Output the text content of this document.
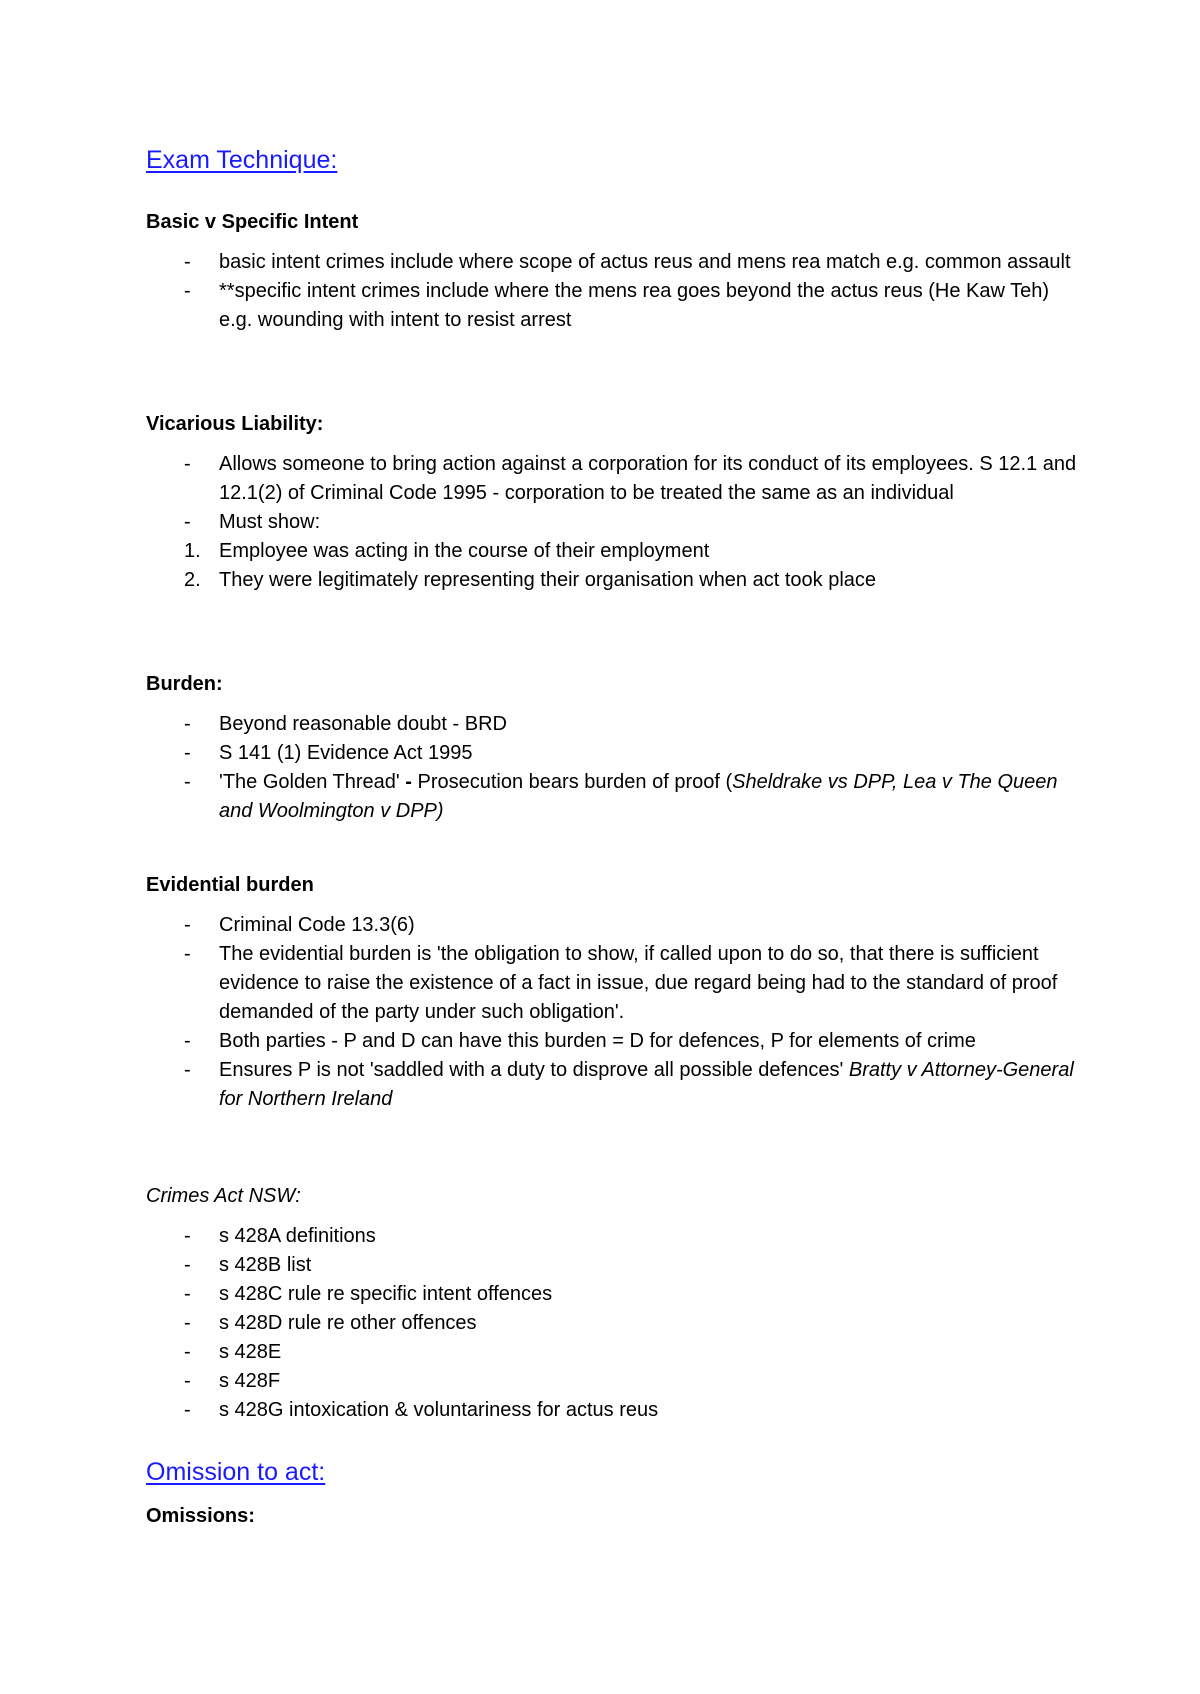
Exam Technique:
Basic v Specific Intent
-	basic intent crimes include where scope of actus reus and mens rea match e.g. common assault
-	**specific intent crimes include where the mens rea goes beyond the actus reus (He Kaw Teh) e.g. wounding with intent to resist arrest
Vicarious Liability:
-	Allows someone to bring action against a corporation for its conduct of its employees. S 12.1 and 12.1(2) of Criminal Code 1995 - corporation to be treated the same as an individual
-	Must show:
1. Employee was acting in the course of their employment
2. They were legitimately representing their organisation when act took place
Burden:
-	Beyond reasonable doubt - BRD
-	S 141 (1) Evidence Act 1995
-	'The Golden Thread' - Prosecution bears burden of proof (Sheldrake vs DPP, Lea v The Queen and Woolmington v DPP)
Evidential burden
-	Criminal Code 13.3(6)
-	The evidential burden is 'the obligation to show, if called upon to do so, that there is sufficient evidence to raise the existence of a fact in issue, due regard being had to the standard of proof demanded of the party under such obligation'.
-	Both parties - P and D can have this burden = D for defences, P for elements of crime
-	Ensures P is not 'saddled with a duty to disprove all possible defences' Bratty v Attorney-General for Northern Ireland
Crimes Act NSW:
-	s 428A definitions
-	s 428B list
-	s 428C rule re specific intent offences
-	s 428D rule re other offences
-	s 428E
-	s 428F
-	s 428G intoxication & voluntariness for actus reus
Omission to act:
Omissions:
